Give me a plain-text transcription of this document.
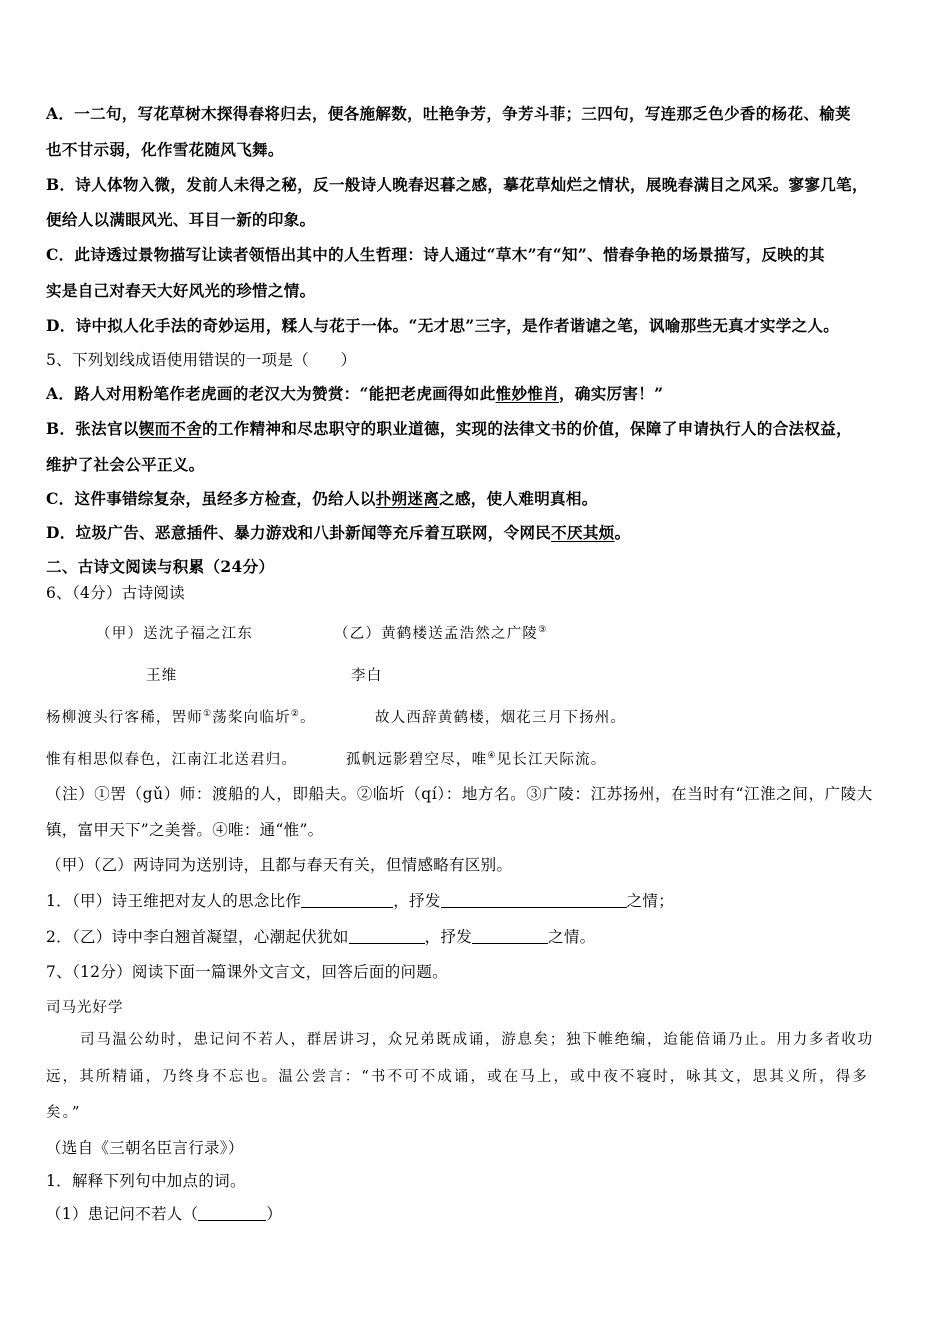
A．一二句，写花草树木探得春将归去，便各施解数，吐艳争芳，争芳斗菲；三四句，写连那乏色少香的杨花、榆荚
也不甘示弱，化作雪花随风飞舞。
B．诗人体物入微，发前人未得之秘，反一般诗人晚春迟暮之感，摹花草灿烂之情状，展晚春满目之风采。寥寥几笔，
便给人以满眼风光、耳目一新的印象。
C．此诗透过景物描写让读者领悟出其中的人生哲理：诗人通过“草木”有“知”、惜春争艳的场景描写，反映的其
实是自己对春天大好风光的珍惜之情。
D．诗中拟人化手法的奇妙运用，糅人与花于一体。“无才思”三字，是作者谐谑之笔，讽喻那些无真才实学之人。
5、下列划线成语使用错误的一项是（　　）
A．路人对用粉笔作老虎画的老汉大为赞赏：“能把老虎画得如此惟妙惟肖，确实厉害！”
B．张法官以锲而不舍的工作精神和尽忠职守的职业道德，实现的法律文书的价值，保障了申请执行人的合法权益，
维护了社会公平正义。
C．这件事错综复杂，虽经多方检查，仍给人以扑朔迷离之感，使人难明真相。
D．垃圾广告、恶意插件、暴力游戏和八卦新闻等充斥着互联网，令网民不厌其烦。
二、古诗文阅读与积累（24分）
6、（4分）古诗阅读
（甲）送沈子福之江东	（乙）黄鹤楼送孟浩然之广陵③
王维	李白
杨柳渡头行客稀，罟师①荡桨向临圻②。	故人西辞黄鹤楼，烟花三月下扬州。
惟有相思似春色，江南江北送君归。	孤帆远影碧空尽，唯④见长江天际流。
（注）①罟（gǔ）师：渡船的人，即船夫。②临圻（qí）：地方名。③广陵：江苏扬州，在当时有“江淮之间，广陵大
镇，富甲天下”之美誉。④唯：通“惟”。
（甲）（乙）两诗同为送别诗，且都与春天有关，但情感略有区别。
1．（甲）诗王维把对友人的思念比作	，抒发	之情；
2．（乙）诗中李白翘首凝望，心潮起伏犹如	，抒发	之情。
7、（12分）阅读下面一篇课外文言文，回答后面的问题。
司马光好学
司马温公幼时，患记问不若人，群居讲习，众兄弟既成诵，游息矣；独下帷绝编，迨能倍诵乃止。用力多者收功
远，其所精诵，乃终身不忘也。温公尝言：“书不可不成诵，或在马上，或中夜不寝时，咏其文，思其义所，得多
矣。”
（选自《三朝名臣言行录》）
1．解释下列句中加点的词。
（1）患记问不若人（	）
